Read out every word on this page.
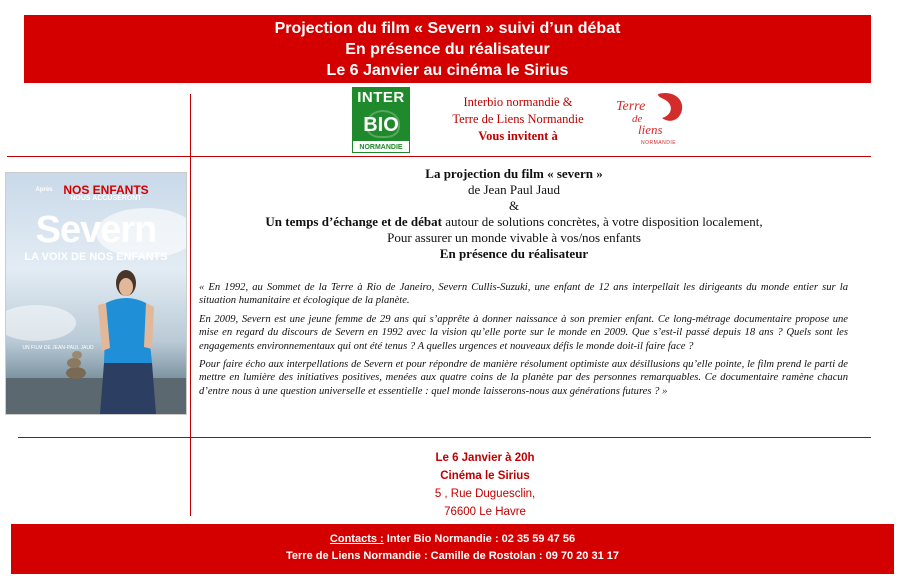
Projection du film « Severn » suivi d’un débat
En présence du réalisateur
Le 6 Janvier au cinéma le Sirius
INTER
BIO
NORMANDIE
Interbio normandie &
Terre de Liens Normandie
Vous invitent à
Terre
de
liens
NORMANDIE
Après NOS ENFANTS
NOUS ACCUSERONT
Severn
LA VOIX DE NOS ENFANTS
UN FILM DE JEAN-PAUL JAUD
La projection du film « severn »
de Jean Paul Jaud
&
Un temps d’échange et de débat autour de solutions concrètes, à votre disposition localement,
Pour assurer un monde vivable à vos/nos enfants
En présence du réalisateur

« En 1992, au Sommet de la Terre à Rio de Janeiro, Severn Cullis-Suzuki, une enfant de 12 ans interpellait les dirigeants du monde entier sur la situation humanitaire et écologique de la planète.

En 2009, Severn est une jeune femme de 29 ans qui s’apprête à donner naissance à son premier enfant. Ce long-métrage documentaire propose une mise en regard du discours de Severn en 1992 avec la vision qu’elle porte sur le monde en 2009. Que s’est-il passé depuis 18 ans ? Quels sont les engagements environnementaux qui ont été tenus ? A quelles urgences et nouveaux défis le monde doit-il faire face ?

Pour faire écho aux interpellations de Severn et pour répondre de manière résolument optimiste aux désillusions qu’elle pointe, le film prend le parti de mettre en lumière des initiatives positives, menées aux quatre coins de la planète par des personnes remarquables. Ce documentaire ramène chacun d’entre nous à une question universelle et essentielle : quel monde laisserons-nous aux générations futures ? »

Le 6 Janvier à 20h
Cinéma le Sirius
5 , Rue Duguesclin,
76600 Le Havre
Contacts : Inter Bio Normandie : 02 35 59 47 56
Terre de Liens Normandie : Camille de Rostolan : 09 70 20 31 17
